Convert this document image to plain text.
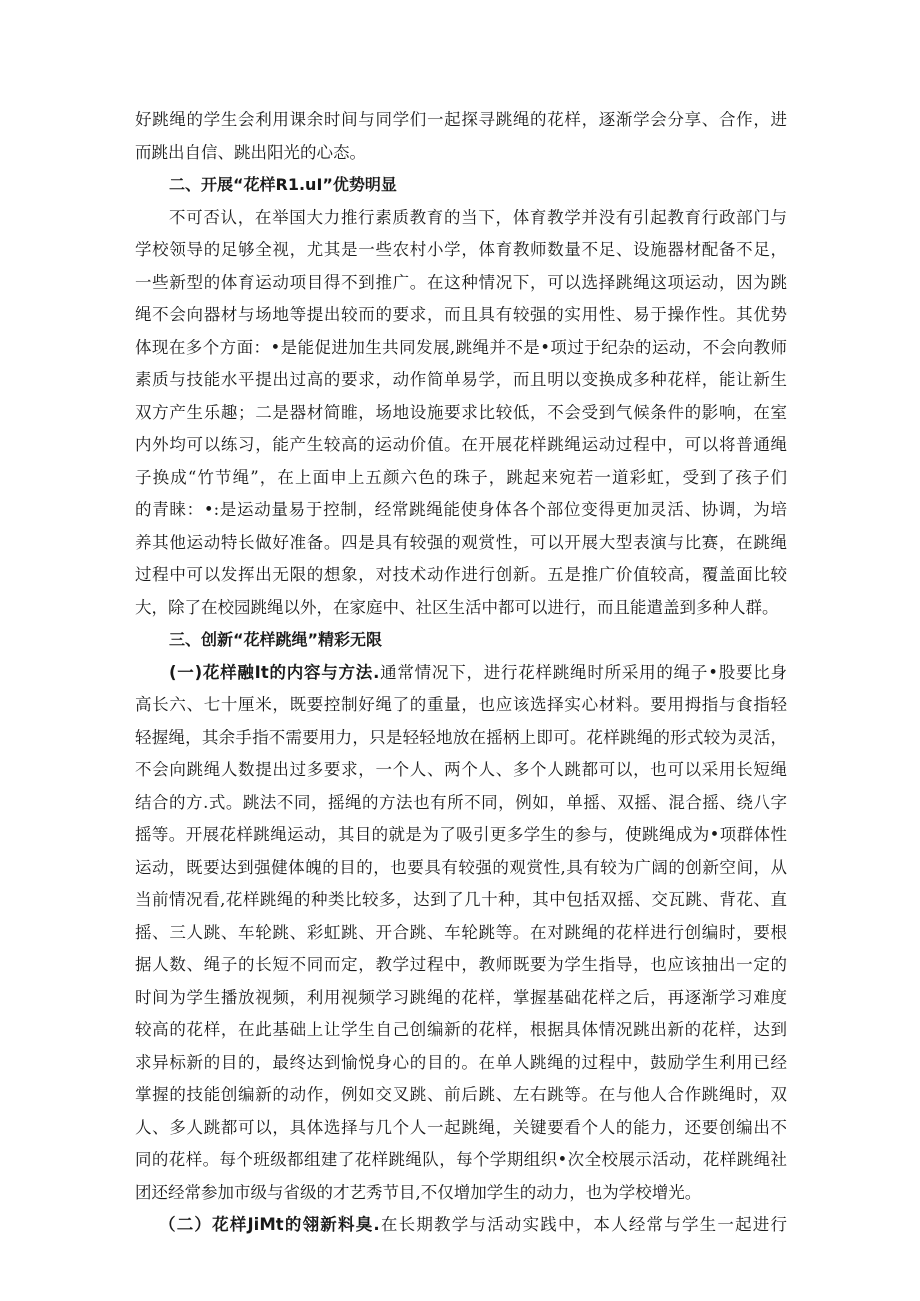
好跳绳的学生会利用课余时间与同学们一起探寻跳绳的花样，逐渐学会分享、合作，进
而跳出自信、跳出阳光的心态。
二、开展“花样R1.uI”优势明显
不可否认，在举国大力推行素质教育的当下，体育教学并没有引起教育行政部门与
学校领导的足够全视，尤其是一些农村小学，体育教师数量不足、设施器材配备不足，
一些新型的体育运动项目得不到推广。在这种情况下，可以选择跳绳这项运动，因为跳
绳不会向器材与场地等提出较而的要求，而且具有较强的实用性、易于操作性。其优势
体现在多个方面：•是能促进加生共同发展,跳绳并不是•项过于纪杂的运动，不会向教师
素质与技能水平提出过高的要求，动作简单易学，而且明以变换成多种花样，能让新生
双方产生乐趣；二是器材简睢，场地设施要求比较低，不会受到气候条件的影响，在室
内外均可以练习，能产生较高的运动价值。在开展花样跳绳运动过程中，可以将普通绳
子换成“竹节绳”，在上面申上五颜六色的珠子，跳起来宛若一道彩虹，受到了孩子们
的青睐：•:是运动量易于控制，经常跳绳能使身体各个部位变得更加灵活、协调，为培
养其他运动特长做好准备。四是具有较强的观赏性，可以开展大型表演与比赛，在跳绳
过程中可以发挥出无限的想象，对技术动作进行创新。五是推广价值较高，覆盖面比较
大，除了在校园跳绳以外，在家庭中、社区生活中都可以进行，而且能遣盖到多种人群。
三、创新“花样跳绳”精彩无限
(一)花样融It的内容与方法.通常情况下，进行花样跳绳时所采用的绳子•股要比身
高长六、七十厘米，既要控制好绳了的重量，也应该选择实心材料。要用拇指与食指轻
轻握绳，其余手指不需要用力，只是轻轻地放在摇柄上即可。花样跳绳的形式较为灵活，
不会向跳绳人数提出过多要求，一个人、两个人、多个人跳都可以，也可以采用长短绳
结合的方.式。跳法不同，摇绳的方法也有所不同，例如，单摇、双摇、混合摇、绕八字
摇等。开展花样跳绳运动，其目的就是为了吸引更多学生的参与，使跳绳成为•项群体性
运动，既要达到强健体魄的目的，也要具有较强的观赏性,具有较为广阔的创新空间，从
当前情况看,花样跳绳的种类比较多，达到了几十种，其中包括双摇、交瓦跳、背花、直
摇、三人跳、车轮跳、彩虹跳、开合跳、车轮跳等。在对跳绳的花样进行创编时，要根
据人数、绳子的长短不同而定，教学过程中，教师既要为学生指导，也应该抽出一定的
时间为学生播放视频，利用视频学习跳绳的花样，掌握基础花样之后，再逐渐学习难度
较高的花样，在此基础上让学生自己创编新的花样，根据具体情况跳出新的花样，达到
求异标新的目的，最终达到愉悦身心的目的。在单人跳绳的过程中，鼓励学生利用已经
掌握的技能创编新的动作，例如交叉跳、前后跳、左右跳等。在与他人合作跳绳时，双
人、多人跳都可以，具体选择与几个人一起跳绳，关键要看个人的能力，还要创编出不
同的花样。每个班级都组建了花样跳绳队，每个学期组织•次全校展示活动，花样跳绳社
团还经常参加市级与省级的才艺秀节目,不仅增加学生的动力，也为学校增光。
（二）花样JiMt的翎新料臭.在长期教学与活动实践中，本人经常与学生一起进行
